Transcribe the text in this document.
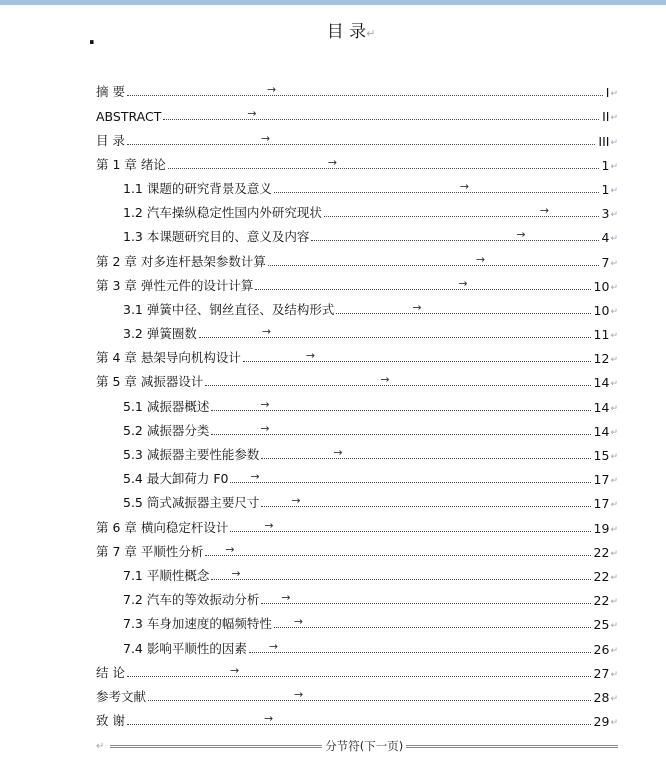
.	目 录↵
摘 要	→	I ↵
ABSTRACT	→	II ↵
目 录	→	III ↵
第 1 章 绪论	→	1 ↵
1.1 课题的研究背景及意义	→	1 ↵
1.2 汽车操纵稳定性国内外研究现状	→	3 ↵
1.3 本课题研究目的、意义及内容	→	4 ↵
第 2 章 对多连杆悬架参数计算	→	7 ↵
第 3 章 弹性元件的设计计算	→	10 ↵
3.1 弹簧中径、钢丝直径、及结构形式	→	10 ↵
3.2 弹簧圈数	→	11 ↵
第 4 章 悬架导向机构设计	→	12 ↵
第 5 章 减振器设计	→	14 ↵
5.1 减振器概述	→	14 ↵
5.2 减振器分类	→	14 ↵
5.3 减振器主要性能参数	→	15 ↵
5.4 最大卸荷力 F0 →	17 ↵
5.5 筒式减振器主要尺寸	→	17 ↵
第 6 章 横向稳定杆设计	→	19 ↵
第 7 章 平顺性分析 →	22 ↵
7.1 平顺性概念 →	22 ↵
7.2 汽车的等效振动分析 →	22 ↵
7.3 车身加速度的幅频特性 →	25 ↵
7.4 影响平顺性的因素 →	26 ↵
结 论	→	27 ↵
参考文献	→	28 ↵
致 谢	→	29 ↵
↵	分节符(下一页)
